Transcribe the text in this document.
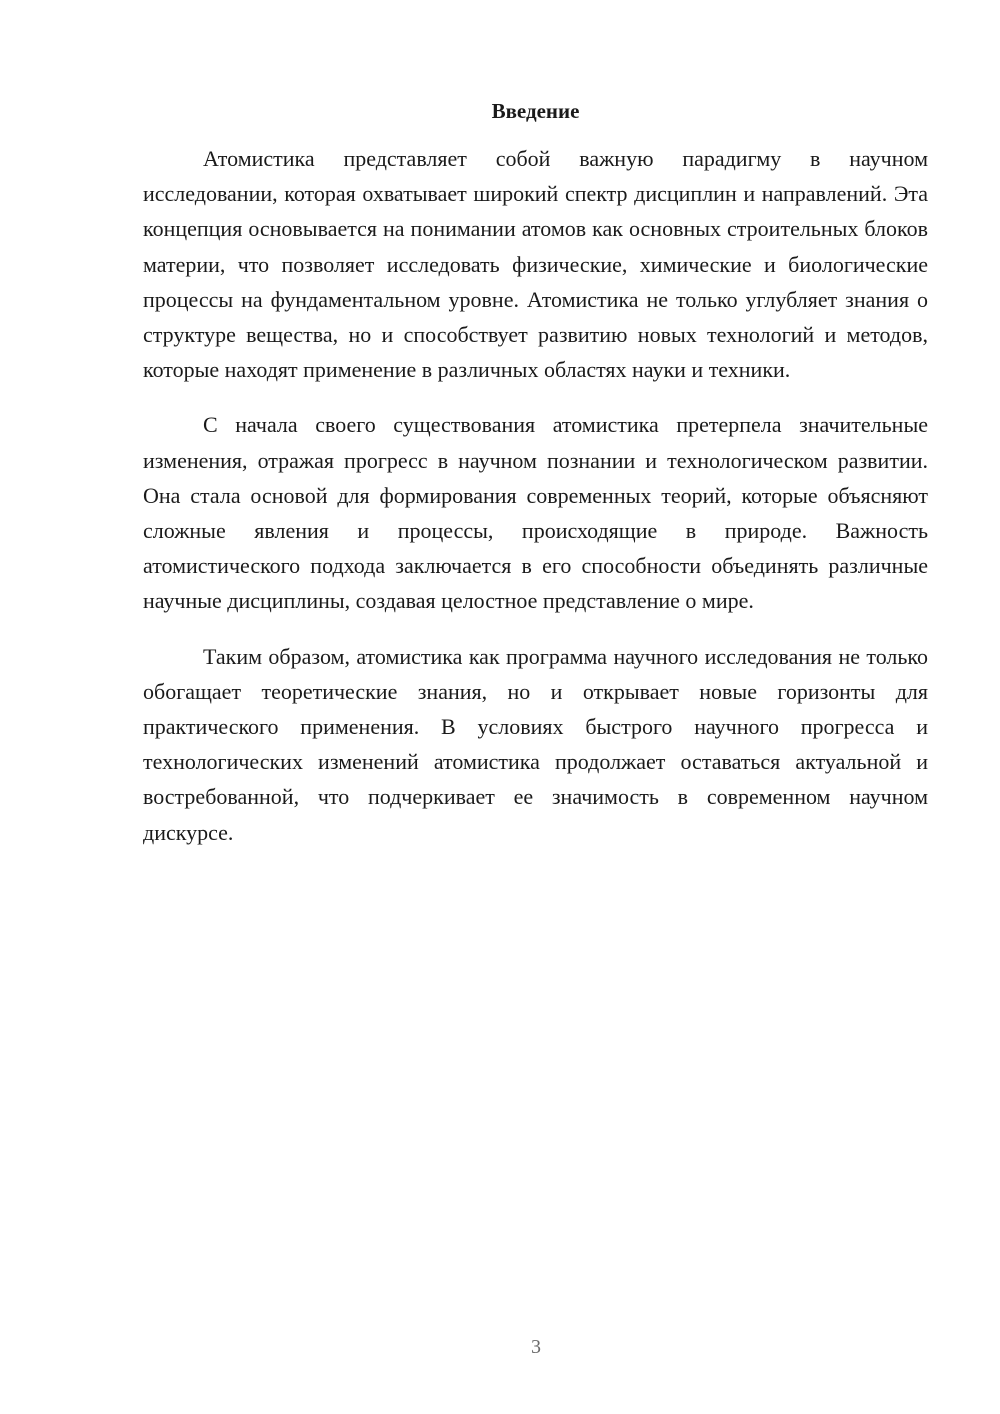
Введение

Атомистика представляет собой важную парадигму в научном исследовании, которая охватывает широкий спектр дисциплин и направлений. Эта концепция основывается на понимании атомов как основных строительных блоков материи, что позволяет исследовать физические, химические и биологические процессы на фундаментальном уровне. Атомистика не только углубляет знания о структуре вещества, но и способствует развитию новых технологий и методов, которые находят применение в различных областях науки и техники.

С начала своего существования атомистика претерпела значительные изменения, отражая прогресс в научном познании и технологическом развитии. Она стала основой для формирования современных теорий, которые объясняют сложные явления и процессы, происходящие в природе. Важность атомистического подхода заключается в его способности объединять различные научные дисциплины, создавая целостное представление о мире.

Таким образом, атомистика как программа научного исследования не только обогащает теоретические знания, но и открывает новые горизонты для практического применения. В условиях быстрого научного прогресса и технологических изменений атомистика продолжает оставаться актуальной и востребованной, что подчеркивает ее значимость в современном научном дискурсе.

3
